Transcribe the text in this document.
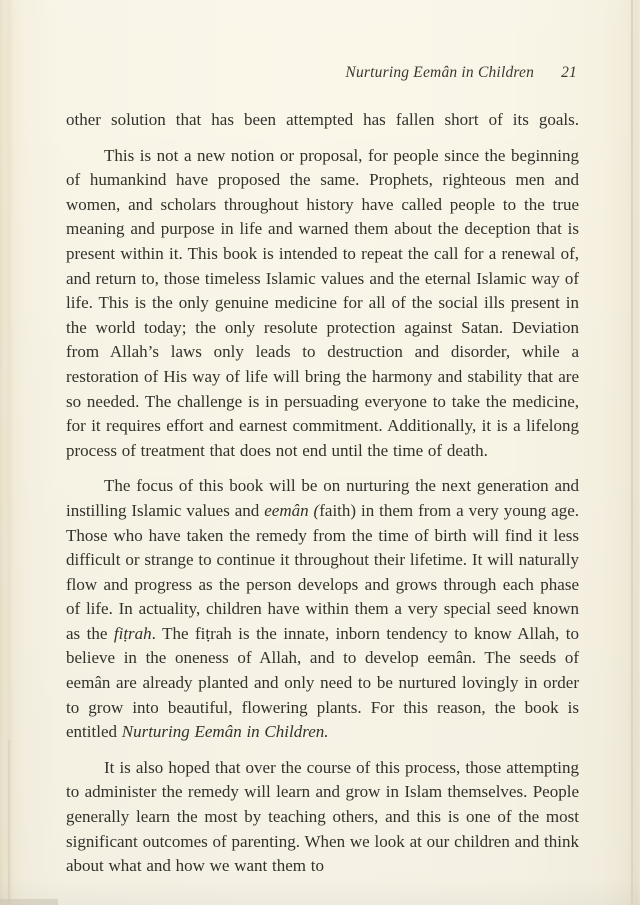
Nurturing Eemân in Children 21

other solution that has been attempted has fallen short of its goals.

This is not a new notion or proposal, for people since the beginning of humankind have proposed the same. Prophets, righteous men and women, and scholars throughout history have called people to the true meaning and purpose in life and warned them about the deception that is present within it. This book is intended to repeat the call for a renewal of, and return to, those timeless Islamic values and the eternal Islamic way of life. This is the only genuine medicine for all of the social ills present in the world today; the only resolute protection against Satan. Deviation from Allah’s laws only leads to destruction and disorder, while a restoration of His way of life will bring the harmony and stability that are so needed. The challenge is in persuading everyone to take the medicine, for it requires effort and earnest commitment. Additionally, it is a lifelong process of treatment that does not end until the time of death.

The focus of this book will be on nurturing the next generation and instilling Islamic values and eemân (faith) in them from a very young age. Those who have taken the remedy from the time of birth will find it less difficult or strange to continue it throughout their lifetime. It will naturally flow and progress as the person develops and grows through each phase of life. In actuality, children have within them a very special seed known as the fiṭrah. The fiṭrah is the innate, inborn tendency to know Allah, to believe in the oneness of Allah, and to develop eemân. The seeds of eemân are already planted and only need to be nurtured lovingly in order to grow into beautiful, flowering plants. For this reason, the book is entitled Nurturing Eemân in Children.

It is also hoped that over the course of this process, those attempting to administer the remedy will learn and grow in Islam themselves. People generally learn the most by teaching others, and this is one of the most significant outcomes of parenting. When we look at our children and think about what and how we want them to
